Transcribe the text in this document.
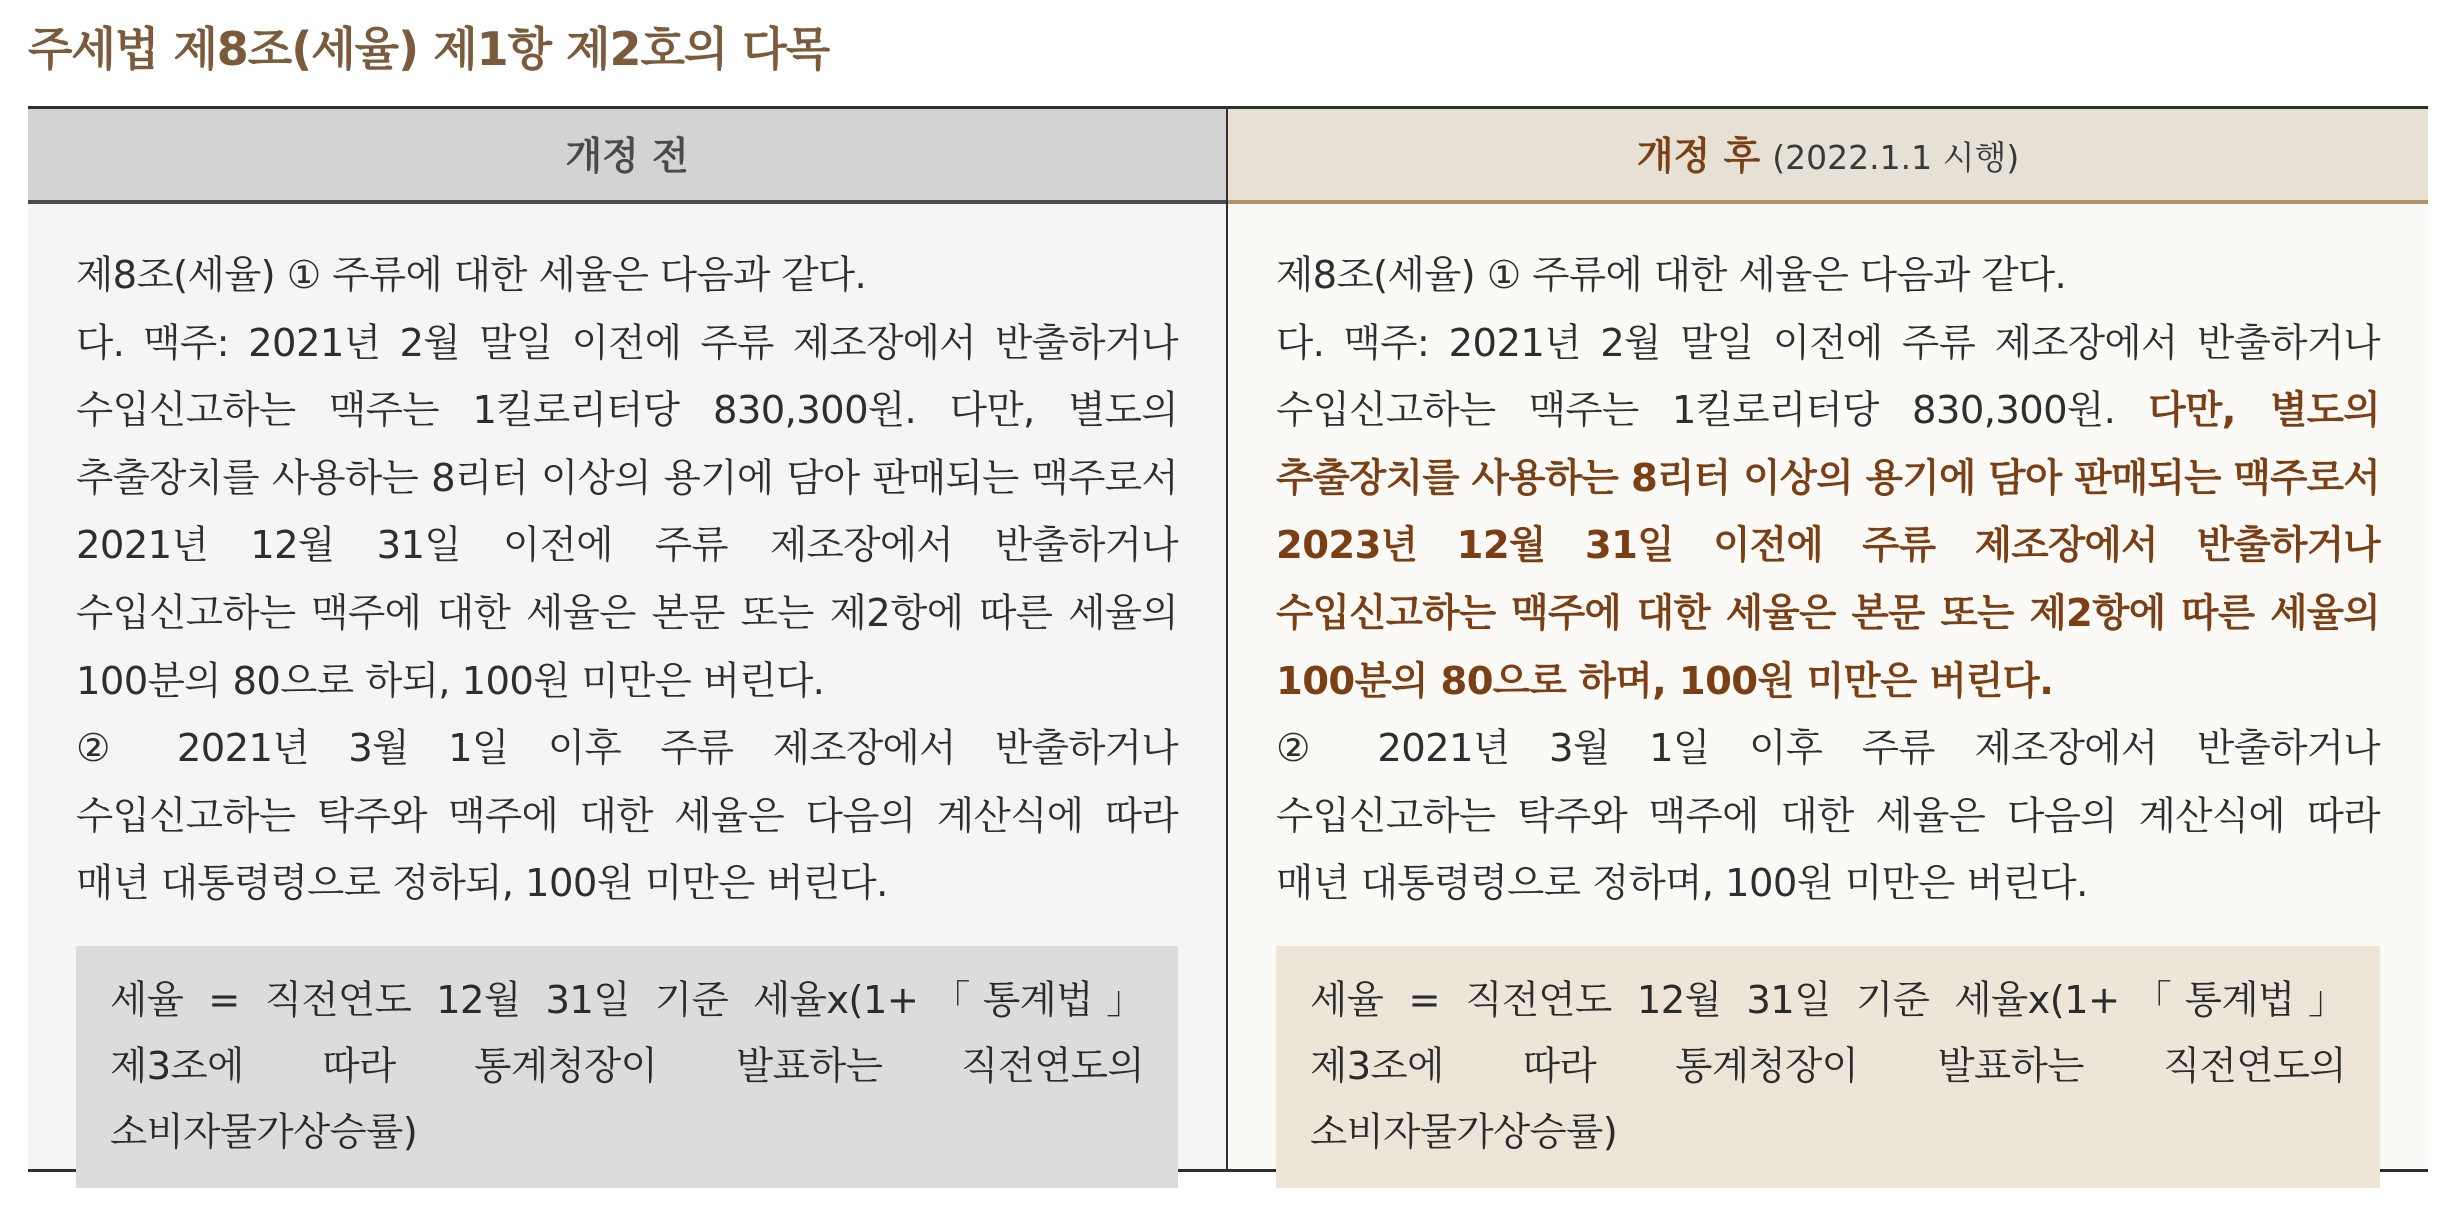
주세법 제8조(세율) 제1항 제2호의 다목
개정 전
제8조(세율) ① 주류에 대한 세율은 다음과 같다.
다. 맥주: 2021년 2월 말일 이전에 주류 제조장에서 반출하거나 수입신고하는 맥주는 1킬로리터당 830,300원. 다만, 별도의 추출장치를 사용하는 8리터 이상의 용기에 담아 판매되는 맥주로서 2021년 12월 31일 이전에 주류 제조장에서 반출하거나 수입신고하는 맥주에 대한 세율은 본문 또는 제2항에 따른 세율의 100분의 80으로 하되, 100원 미만은 버린다.
② 2021년 3월 1일 이후 주류 제조장에서 반출하거나 수입신고하는 탁주와 맥주에 대한 세율은 다음의 계산식에 따라 매년 대통령령으로 정하되, 100원 미만은 버린다.
세율 = 직전연도 12월 31일 기준 세율x(1+「통계법」 제3조에 따라 통계청장이 발표하는 직전연도의 소비자물가상승률)
개정 후 (2022.1.1 시행)
제8조(세율) ① 주류에 대한 세율은 다음과 같다.
다. 맥주: 2021년 2월 말일 이전에 주류 제조장에서 반출하거나 수입신고하는 맥주는 1킬로리터당 830,300원. 다만, 별도의 추출장치를 사용하는 8리터 이상의 용기에 담아 판매되는 맥주로서 2023년 12월 31일 이전에 주류 제조장에서 반출하거나 수입신고하는 맥주에 대한 세율은 본문 또는 제2항에 따른 세율의 100분의 80으로 하며, 100원 미만은 버린다.
② 2021년 3월 1일 이후 주류 제조장에서 반출하거나 수입신고하는 탁주와 맥주에 대한 세율은 다음의 계산식에 따라 매년 대통령령으로 정하며, 100원 미만은 버린다.
세율 = 직전연도 12월 31일 기준 세율x(1+「통계법」 제3조에 따라 통계청장이 발표하는 직전연도의 소비자물가상승률)
